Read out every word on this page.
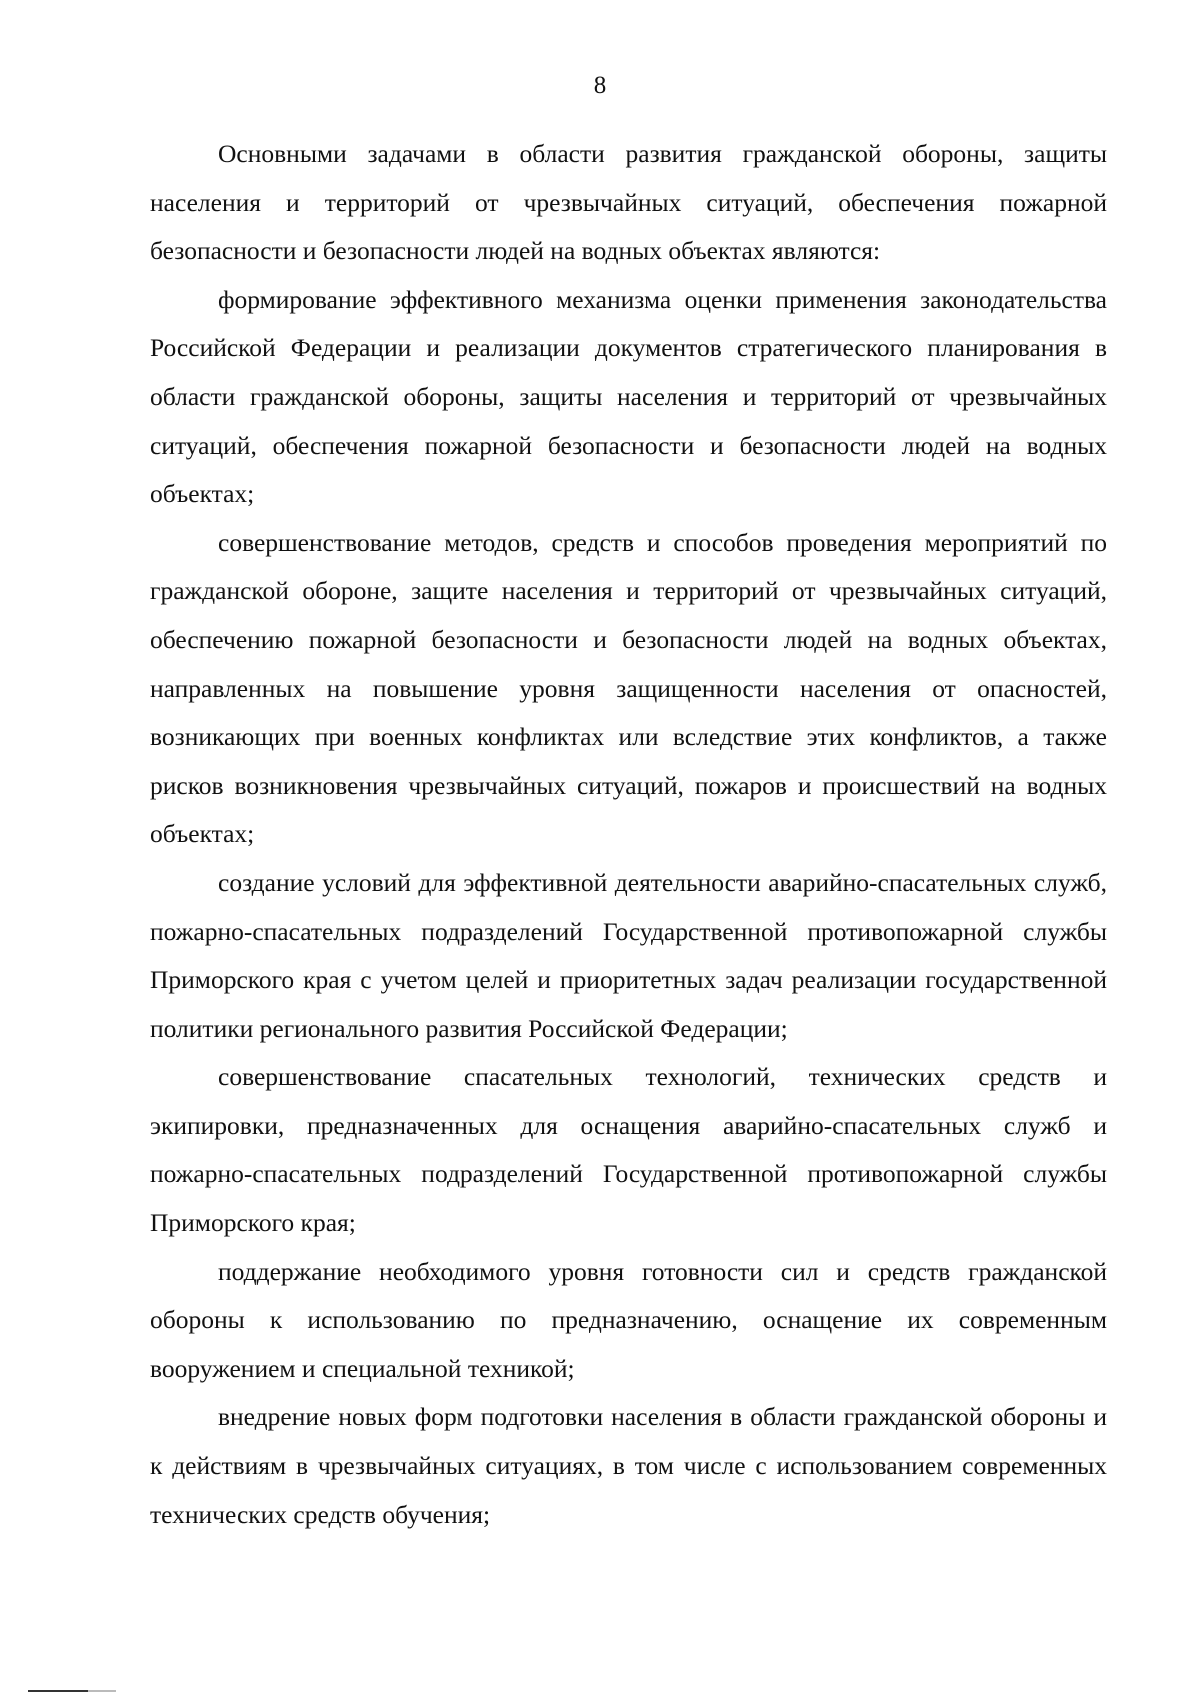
8

Основными задачами в области развития гражданской обороны, защиты населения и территорий от чрезвычайных ситуаций, обеспечения пожарной безопасности и безопасности людей на водных объектах являются:

формирование эффективного механизма оценки применения законодательства Российской Федерации и реализации документов стратегического планирования в области гражданской обороны, защиты населения и территорий от чрезвычайных ситуаций, обеспечения пожарной безопасности и безопасности людей на водных объектах;

совершенствование методов, средств и способов проведения мероприятий по гражданской обороне, защите населения и территорий от чрезвычайных ситуаций, обеспечению пожарной безопасности и безопасности людей на водных объектах, направленных на повышение уровня защищенности населения от опасностей, возникающих при военных конфликтах или вследствие этих конфликтов, а также рисков возникновения чрезвычайных ситуаций, пожаров и происшествий на водных объектах;

создание условий для эффективной деятельности аварийно-спасательных служб, пожарно-спасательных подразделений Государственной противопожарной службы Приморского края с учетом целей и приоритетных задач реализации государственной политики регионального развития Российской Федерации;

совершенствование спасательных технологий, технических средств и экипировки, предназначенных для оснащения аварийно-спасательных служб и пожарно-спасательных подразделений Государственной противопожарной службы Приморского края;

поддержание необходимого уровня готовности сил и средств гражданской обороны к использованию по предназначению, оснащение их современным вооружением и специальной техникой;

внедрение новых форм подготовки населения в области гражданской обороны и к действиям в чрезвычайных ситуациях, в том числе с использованием современных технических средств обучения;
